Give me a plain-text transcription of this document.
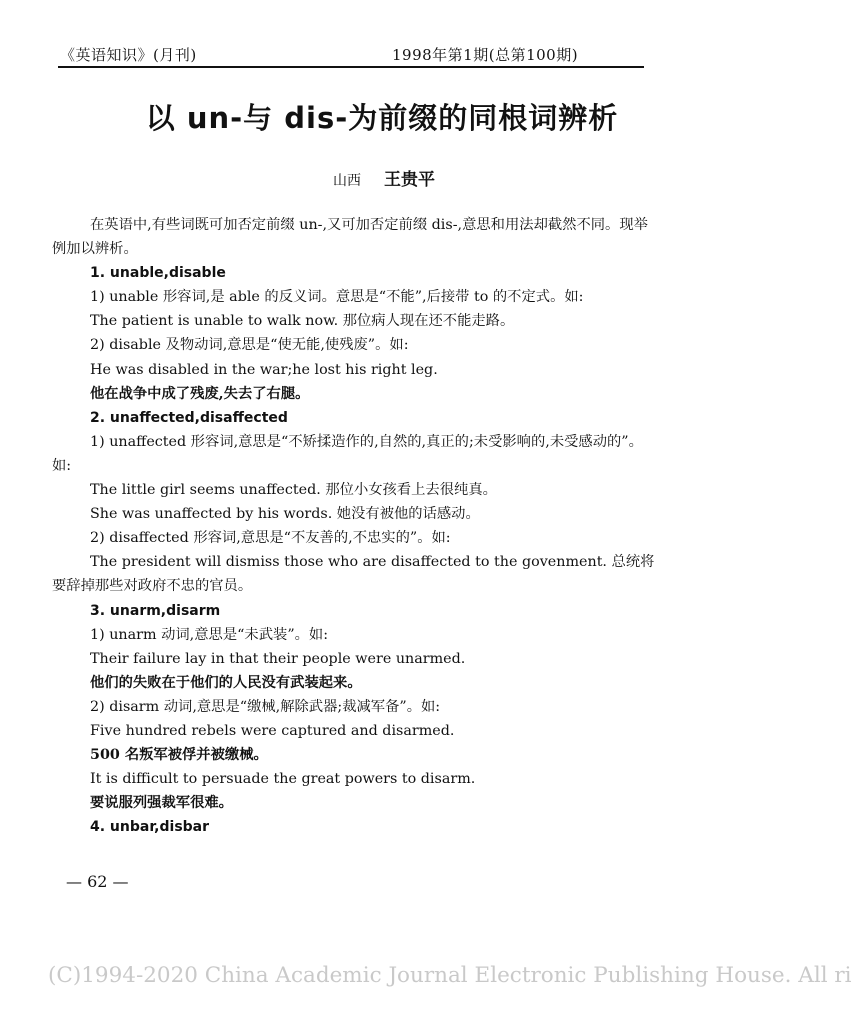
《英语知识》(月刊)	1998年第1期(总第100期)
以 un-与 dis-为前缀的同根词辨析
山西 王贵平

在英语中,有些词既可加否定前缀 un-,又可加否定前缀 dis-,意思和用法却截然不同。现举例加以辨析。

1. unable,disable

1) unable 形容词,是 able 的反义词。意思是“不能”,后接带 to 的不定式。如:

The patient is unable to walk now. 那位病人现在还不能走路。

2) disable 及物动词,意思是“使无能,使残废”。如:

He was disabled in the war;he lost his right leg.

他在战争中成了残废,失去了右腿。

2. unaffected,disaffected

1) unaffected 形容词,意思是“不矫揉造作的,自然的,真正的;未受影响的,未受感动的”。如:

The little girl seems unaffected. 那位小女孩看上去很纯真。

She was unaffected by his words. 她没有被他的话感动。

2) disaffected 形容词,意思是“不友善的,不忠实的”。如:

The president will dismiss those who are disaffected to the govenment. 总统将要辞掉那些对政府不忠的官员。

3. unarm,disarm

1) unarm 动词,意思是“未武装”。如:

Their failure lay in that their people were unarmed.

他们的失败在于他们的人民没有武装起来。

2) disarm 动词,意思是“缴械,解除武器;裁减军备”。如:

Five hundred rebels were captured and disarmed.

500 名叛军被俘并被缴械。

It is difficult to persuade the great powers to disarm.

要说服列强裁军很难。

4. unbar,disbar

— 62 —
(C)1994-2020 China Academic Journal Electronic Publishing House. All ri
